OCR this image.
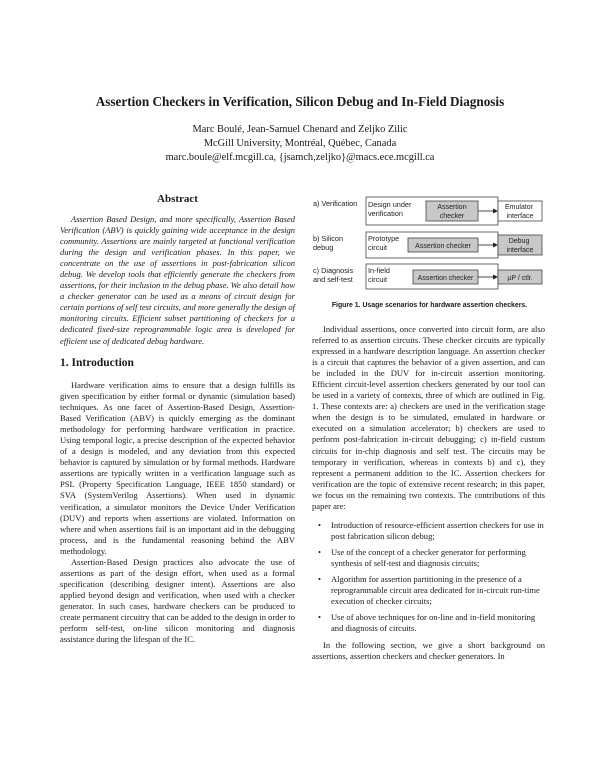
Assertion Checkers in Verification, Silicon Debug and In-Field Diagnosis
Marc Boulé, Jean-Samuel Chenard and Zeljko Zilic
McGill University, Montréal, Québec, Canada
marc.boule@elf.mcgill.ca, {jsamch,zeljko}@macs.ece.mcgill.ca
Abstract

Assertion Based Design, and more specifically, Assertion Based Verification (ABV) is quickly gaining wide acceptance in the design community. Assertions are mainly targeted at functional verification during the design and verification phases. In this paper, we concentrate on the use of assertions in post-fabrication silicon debug. We develop tools that efficiently generate the checkers from assertions, for their inclusion in the debug phase. We also detail how a checker generator can be used as a means of circuit design for certain portions of self test circuits, and more generally the design of monitoring circuits. Efficient subset partitioning of checkers for a dedicated fixed-size reprogrammable logic area is developed for efficient use of dedicated debug hardware.

1. Introduction

Hardware verification aims to ensure that a design fulfills its given specification by either formal or dynamic (simulation based) techniques. As one facet of Assertion-Based Design, Assertion-Based Verification (ABV) is quickly emerging as the dominant methodology for performing hardware verification in practice. Using temporal logic, a precise description of the expected behavior of a design is modeled, and any deviation from this expected behavior is captured by simulation or by formal methods. Hardware assertions are typically written in a verification language such as PSL (Property Specification Language, IEEE 1850 standard) or SVA (SystemVerilog Assertions). When used in dynamic verification, a simulator monitors the Device Under Verification (DUV) and reports when assertions are violated. Information on where and when assertions fail is an important aid in the debugging process, and is the fundamental reasoning behind the ABV methodology.

Assertion-Based Design practices also advocate the use of assertions as part of the design effort, when used as a formal specification (describing designer intent). Assertions are also applied beyond design and verification, when used with a checker generator. In such cases, hardware checkers can be produced to create permanent circuitry that can be added to the design in order to perform self-test, on-line silicon monitoring and diagnosis assistance during the lifespan of the IC.

a) Verification Design under verification
Assertion checker
Emulator interface
b) Silicon debug
Prototype circuit	Assertion checker
Debug interface
c) Diagnosis and self-test
In-field circuit	Assertion checker	µP / ctlr.
Figure 1. Usage scenarios for hardware assertion checkers.

Individual assertions, once converted into circuit form, are also referred to as assertion circuits. These checker circuits are typically expressed in a hardware description language. An assertion checker is a circuit that captures the behavior of a given assertion, and can be included in the DUV for in-circuit assertion monitoring. Efficient circuit-level assertion checkers generated by our tool can be used in a variety of contexts, three of which are outlined in Fig. 1. These contexts are: a) checkers are used in the verification stage when the design is to be simulated, emulated in hardware or executed on a simulation accelerator; b) checkers are used to perform post-fabrication in-circuit debugging; c) in-field custom circuits for in-chip diagnosis and self test. The circuits may be temporary in verification, whereas in contexts b) and c), they represent a permanent addition to the IC. Assertion checkers for verification are the topic of extensive recent research; in this paper, we focus on the remaining two contexts. The contributions of this paper are:

• Introduction of resource-efficient assertion checkers for use in post fabrication silicon debug;
• Use of the concept of a checker generator for performing synthesis of self-test and diagnosis circuits;
• Algorithm for assertion partitioning in the presence of a reprogrammable circuit area dedicated for in-circuit run-time execution of checker circuits;
• Use of above techniques for on-line and in-field monitoring and diagnosis of circuits.

In the following section, we give a short background on assertions, assertion checkers and checker generators. In
